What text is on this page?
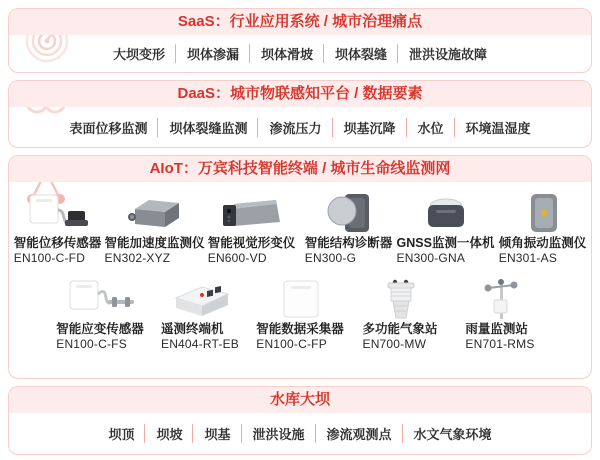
SaaS：行业应用系统 / 城市治理痛点
大坝变形	坝体渗漏	坝体滑坡	坝体裂缝	泄洪设施故障
DaaS：城市物联感知平台 / 数据要素
表面位移监测	坝体裂缝监测	渗流压力	坝基沉降	水位	环境温湿度
AIoT：万宾科技智能终端 / 城市生命线监测网
智能位移传感器
EN100-C-FD
智能加速度监测仪
EN302-XYZ
智能视觉形变仪
EN600-VD
智能结构诊断器
EN300-G
GNSS监测一体机
EN300-GNA
倾角振动监测仪
EN301-AS
智能应变传感器
EN100-C-FS
遥测终端机
EN404-RT-EB
智能数据采集器
EN100-C-FP
多功能气象站
EN700-MW
雨量监测站
EN701-RMS
水库大坝
坝顶	坝坡	坝基	泄洪设施	渗流观测点	水文气象环境
